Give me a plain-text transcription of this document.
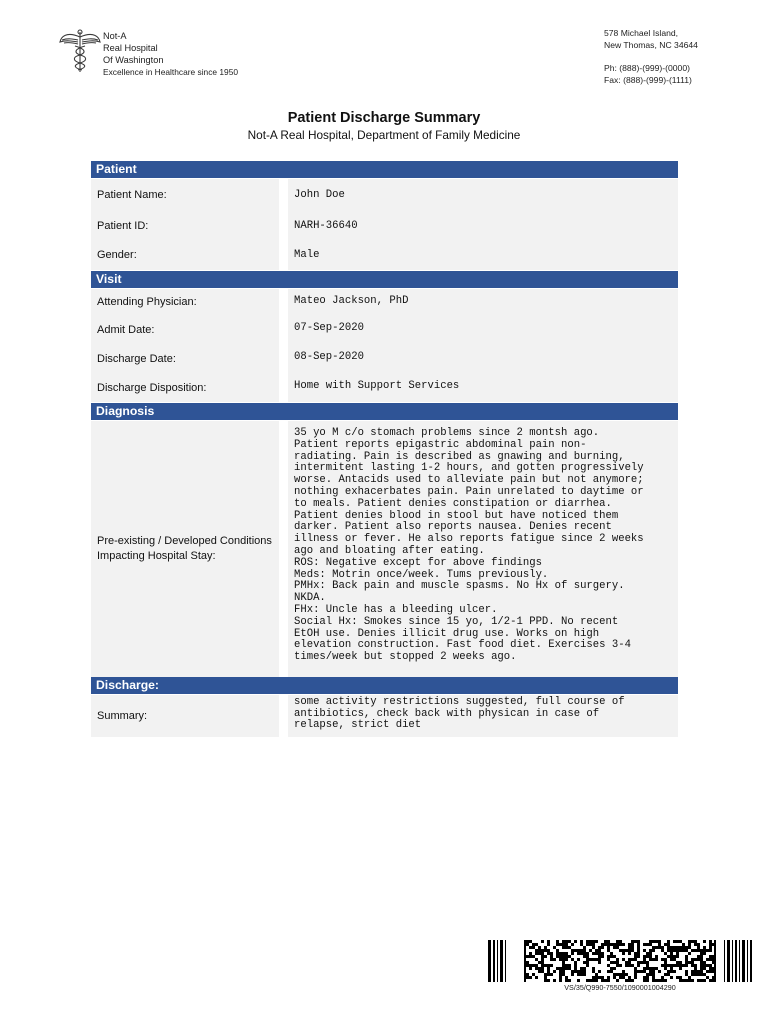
Not-A
Real Hospital
Of Washington
Excellence in Healthcare since 1950
578 Michael Island,
New Thomas, NC 34644
Ph: (888)-(999)-(0000)
Fax: (888)-(999)-(1111)
Patient Discharge Summary
Not-A Real Hospital, Department of Family Medicine
Patient
Patient Name:	John Doe
Patient ID:	NARH-36640
Gender:	Male
Visit
Attending Physician:	Mateo Jackson, PhD
Admit Date:	07-Sep-2020
Discharge Date:	08-Sep-2020
Discharge Disposition:	Home with Support Services
Diagnosis
Pre-existing / Developed Conditions Impacting Hospital Stay:
35 yo M c/o stomach problems since 2 montsh ago.
Patient reports epigastric abdominal pain non-
radiating. Pain is described as gnawing and burning,
intermitent lasting 1-2 hours, and gotten progressively
worse. Antacids used to alleviate pain but not anymore;
nothing exhacerbates pain. Pain unrelated to daytime or
to meals. Patient denies constipation or diarrhea.
Patient denies blood in stool but have noticed them
darker. Patient also reports nausea. Denies recent
illness or fever. He also reports fatigue since 2 weeks
ago and bloating after eating.
ROS: Negative except for above findings
Meds: Motrin once/week. Tums previously.
PMHx: Back pain and muscle spasms. No Hx of surgery.
NKDA.
FHx: Uncle has a bleeding ulcer.
Social Hx: Smokes since 15 yo, 1/2-1 PPD. No recent
EtOH use. Denies illicit drug use. Works on high
elevation construction. Fast food diet. Exercises 3-4
times/week but stopped 2 weeks ago.
Discharge:
Summary:
some activity restrictions suggested, full course of
antibiotics, check back with physican in case of
relapse, strict diet
VS/35/Q990-7550/1090001004290
